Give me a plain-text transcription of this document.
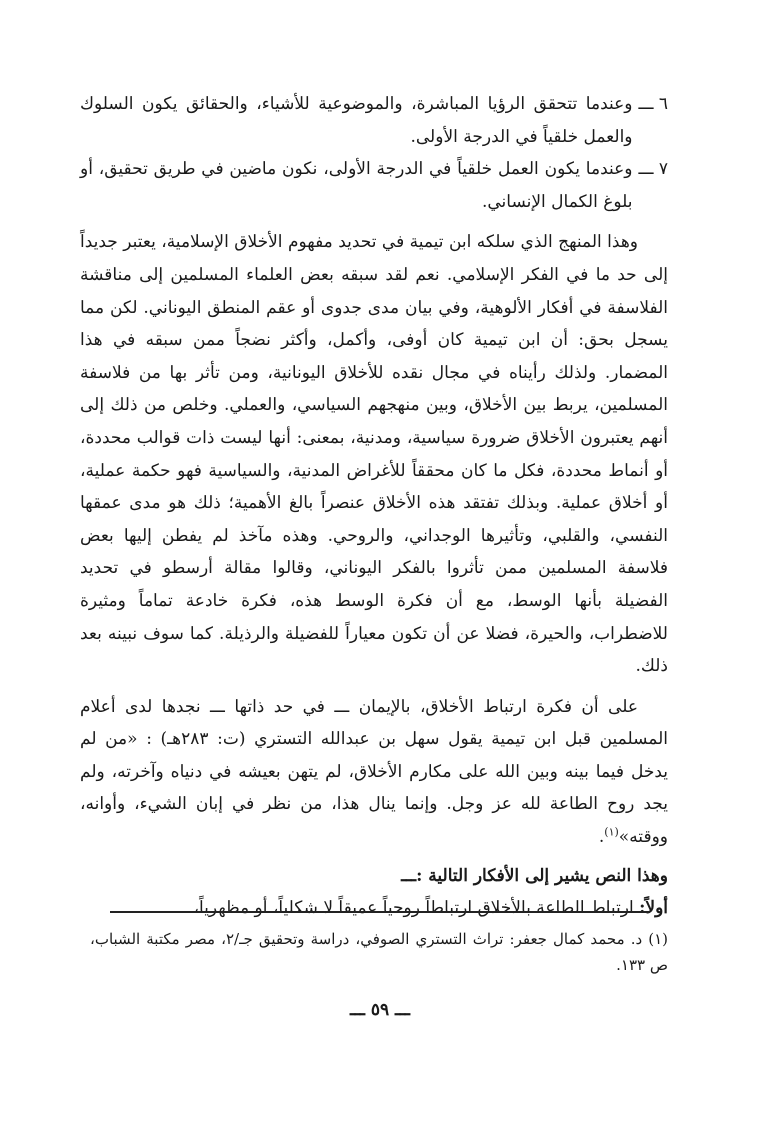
٦ ـــ
وعندما تتحقق الرؤيا المباشرة، والموضوعية للأشياء، والحقائق يكون السلوك والعمل خلقياً في الدرجة الأولى.
٧ ـــ
وعندما يكون العمل خلقياً في الدرجة الأولى، نكون ماضين في طريق تحقيق، أو بلوغ الكمال الإنساني.

وهذا المنهج الذي سلكه ابن تيمية في تحديد مفهوم الأخلاق الإسلامية، يعتبر جديداً إلى حد ما في الفكر الإسلامي. نعم لقد سبقه بعض العلماء المسلمين إلى مناقشة الفلاسفة في أفكار الألوهية، وفي بيان مدى جدوى أو عقم المنطق اليوناني. لكن مما يسجل بحق: أن ابن تيمية كان أوفى، وأكمل، وأكثر نضجاً ممن سبقه في هذا المضمار. ولذلك رأيناه في مجال نقده للأخلاق اليونانية، ومن تأثر بها من فلاسفة المسلمين، يربط بين الأخلاق، وبين منهجهم السياسي، والعملي. وخلص من ذلك إلى أنهم يعتبرون الأخلاق ضرورة سياسية، ومدنية، بمعنى: أنها ليست ذات قوالب محددة، أو أنماط محددة، فكل ما كان محققاً للأغراض المدنية، والسياسية فهو حكمة عملية، أو أخلاق عملية. وبذلك تفتقد هذه الأخلاق عنصراً بالغ الأهمية؛ ذلك هو مدى عمقها النفسي، والقلبي، وتأثيرها الوجداني، والروحي. وهذه مآخذ لم يفطن إليها بعض فلاسفة المسلمين ممن تأثروا بالفكر اليوناني، وقالوا مقالة أرسطو في تحديد الفضيلة بأنها الوسط، مع أن فكرة الوسط هذه، فكرة خادعة تماماً ومثيرة للاضطراب، والحيرة، فضلا عن أن تكون معياراً للفضيلة والرذيلة. كما سوف نبينه بعد ذلك.

على أن فكرة ارتباط الأخلاق، بالإيمان ـــ في حد ذاتها ـــ نجدها لدى أعلام المسلمين قبل ابن تيمية يقول سهل بن عبدالله التستري (ت: ٢٨٣هـ) : «من لم يدخل فيما بينه وبين الله على مكارم الأخلاق، لم يتهن بعيشه في دنياه وآخرته، ولم يجد روح الطاعة لله عز وجل. وإنما ينال هذا، من نظر في إبان الشيء، وأوانه، ووقته»$^{(١)}$.

وهذا النص يشير إلى الأفكار التالية :ـــ

أولاً: ارتباط الطاعة بالأخلاق ارتباطاً روحياً عميقاً لا شكلياً، أو مظهرياً،

(١) د. محمد كمال جعفر: تراث التستري الصوفي، دراسة وتحقيق جـ/٢، مصر مكتبة الشباب، ص ١٣٣.
ـــ ٥٩ ـــ
